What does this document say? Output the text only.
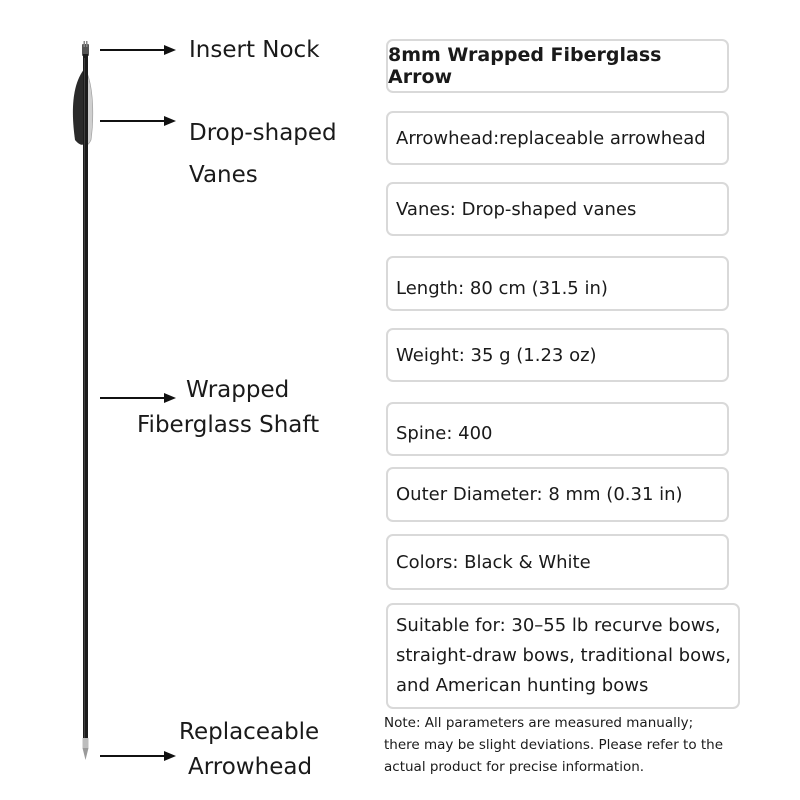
Insert Nock
Drop-shaped
Vanes
Wrapped
Fiberglass Shaft
Replaceable
Arrowhead
8mm Wrapped Fiberglass Arrow
Arrowhead:replaceable arrowhead
Vanes: Drop-shaped vanes
Length: 80 cm (31.5 in)
Weight: 35 g (1.23 oz)
Spine: 400
Outer Diameter: 8 mm (0.31 in)
Colors: Black & White
Suitable for: 30–55 lb recurve bows,
straight-draw bows, traditional bows,
and American hunting bows
Note: All parameters are measured manually;
there may be slight deviations. Please refer to the
actual product for precise information.
